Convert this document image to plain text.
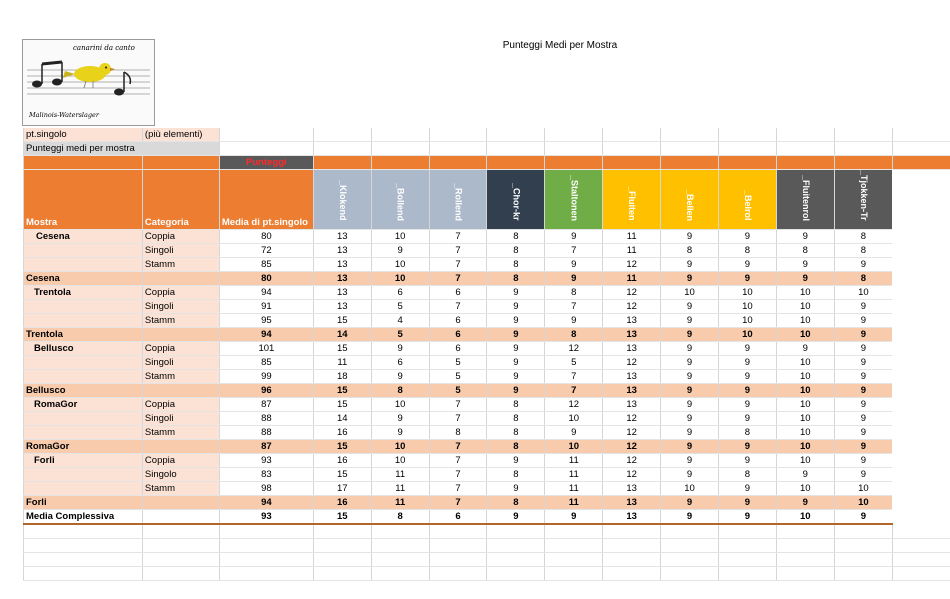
Punteggi Medi per Mostra
canarini da canto
Malinois-Waterslager
pt.singolo	(più elementi)												
Punteggi medi per mostra													
		Punteggi											
Mostra	Categoria	Media di pt.singolo	_Klokend	_Bollend	_Rollend	_Chor-kr	_Staltonen	_Fluiten	_Bellen	_Belrol	_Fluitenrol	_Tjokken-Tr	
Cesena	Coppia	80	13	10	7	8	9	11	9	9	9	8	
	Singoli	72	13	9	7	8	7	11	8	8	8	8	
	Stamm	85	13	10	7	8	9	12	9	9	9	9	
Cesena		80	13	10	7	8	9	11	9	9	9	8	
Trentola	Coppia	94	13	6	6	9	8	12	10	10	10	10	
	Singoli	91	13	5	7	9	7	12	9	10	10	9	
	Stamm	95	15	4	6	9	9	13	9	10	10	9	
Trentola		94	14	5	6	9	8	13	9	10	10	9	
Bellusco	Coppia	101	15	9	6	9	12	13	9	9	9	9	
	Singoli	85	11	6	5	9	5	12	9	9	10	9	
	Stamm	99	18	9	5	9	7	13	9	9	10	9	
Bellusco		96	15	8	5	9	7	13	9	9	10	9	
RomaGor	Coppia	87	15	10	7	8	12	13	9	9	10	9	
	Singoli	88	14	9	7	8	10	12	9	9	10	9	
	Stamm	88	16	9	8	8	9	12	9	8	10	9	
RomaGor		87	15	10	7	8	10	12	9	9	10	9	
Forli	Coppia	93	16	10	7	9	11	12	9	9	10	9	
	Singolo	83	15	11	7	8	11	12	9	8	9	9	
	Stamm	98	17	11	7	9	11	13	10	9	10	10	
Forli		94	16	11	7	8	11	13	9	9	9	10	
Media Complessiva		93	15	8	6	9	9	13	9	9	10	9	
